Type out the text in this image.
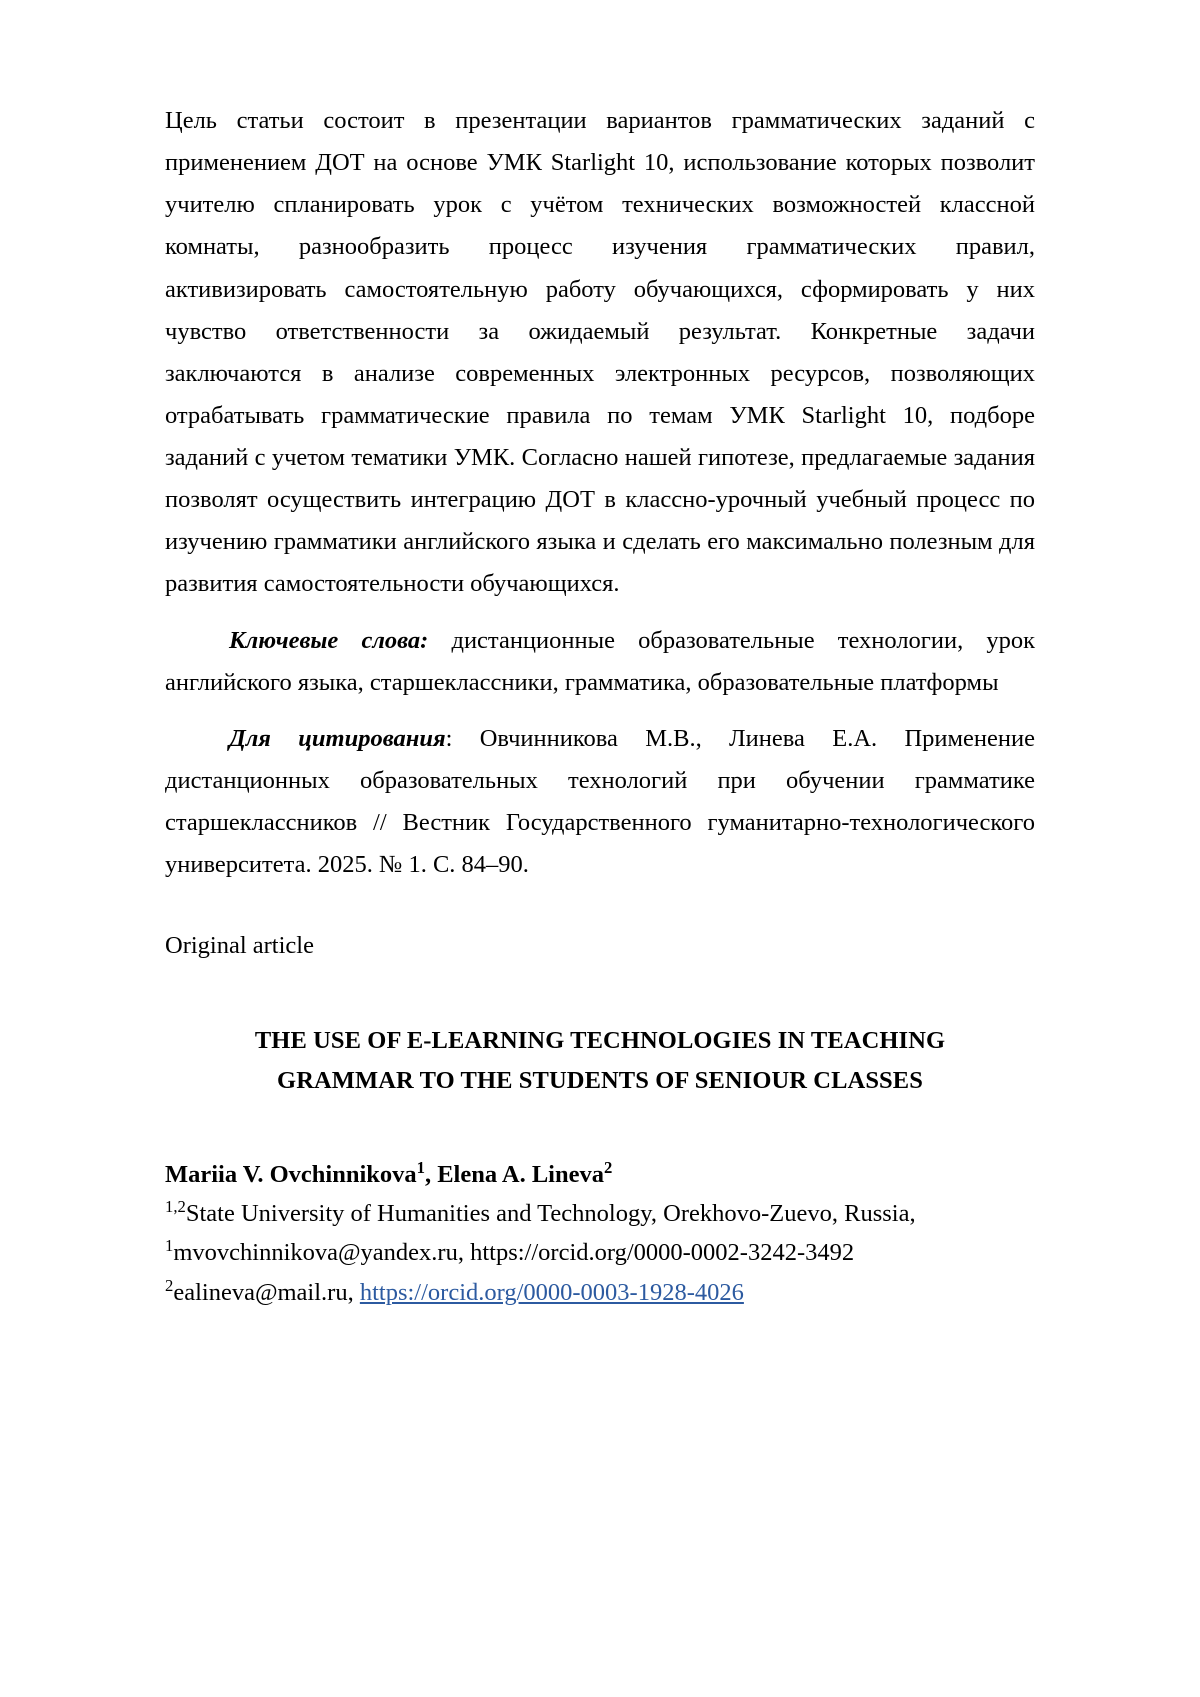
Цель статьи состоит в презентации вариантов грамматических заданий с применением ДОТ на основе УМК Starlight 10, использование которых позволит учителю спланировать урок с учётом технических возможностей классной комнаты, разнообразить процесс изучения грамматических правил, активизировать самостоятельную работу обучающихся, сформировать у них чувство ответственности за ожидаемый результат. Конкретные задачи заключаются в анализе современных электронных ресурсов, позволяющих отрабатывать грамматические правила по темам УМК Starlight 10, подборе заданий с учетом тематики УМК. Согласно нашей гипотезе, предлагаемые задания позволят осуществить интеграцию ДОТ в классно-урочный учебный процесс по изучению грамматики английского языка и сделать его максимально полезным для развития самостоятельности обучающихся.

Ключевые слова: дистанционные образовательные технологии, урок английского языка, старшеклассники, грамматика, образовательные платформы

Для цитирования: Овчинникова М.В., Линева Е.А. Применение дистанционных образовательных технологий при обучении грамматике старшеклассников // Вестник Государственного гуманитарно-технологического университета. 2025. № 1. С. 84–90.

Original article

THE USE OF E-LEARNING TECHNOLOGIES IN TEACHING

GRAMMAR TO THE STUDENTS OF SENIOUR CLASSES

Mariia V. Ovchinnikova$^1$, Elena A. Lineva$^2$

$^{1,2}$State University of Humanities and Technology, Orekhovo-Zuevo, Russia,

$^1$mvovchinnikova@yandex.ru, https://orcid.org/0000-0002-3242-3492

$^2$ealineva@mail.ru, https://orcid.org/0000-0003-1928-4026
